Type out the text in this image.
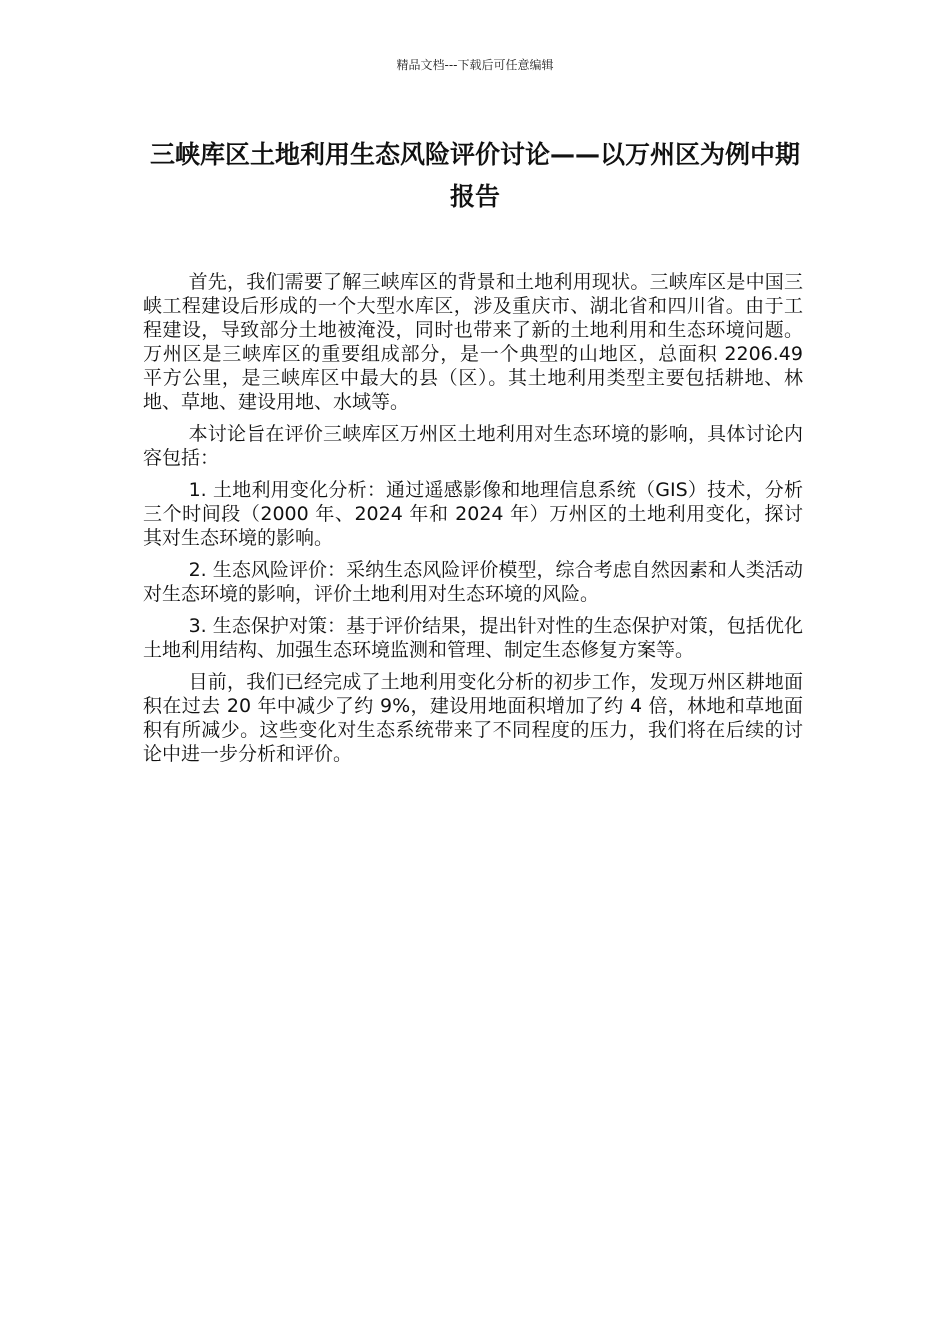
精品文档---下载后可任意编辑
三峡库区土地利用生态风险评价讨论——以万州区为例中期报告

首先，我们需要了解三峡库区的背景和土地利用现状。三峡库区是中国三峡工程建设后形成的一个大型水库区，涉及重庆市、湖北省和四川省。由于工程建设，导致部分土地被淹没，同时也带来了新的土地利用和生态环境问题。万州区是三峡库区的重要组成部分，是一个典型的山地区，总面积 2206.49 平方公里，是三峡库区中最大的县（区）。其土地利用类型主要包括耕地、林地、草地、建设用地、水域等。

本讨论旨在评价三峡库区万州区土地利用对生态环境的影响，具体讨论内容包括：

1. 土地利用变化分析：通过遥感影像和地理信息系统（GIS）技术，分析三个时间段（2000 年、2024 年和 2024 年）万州区的土地利用变化，探讨其对生态环境的影响。

2. 生态风险评价：采纳生态风险评价模型，综合考虑自然因素和人类活动对生态环境的影响，评价土地利用对生态环境的风险。

3. 生态保护对策：基于评价结果，提出针对性的生态保护对策，包括优化土地利用结构、加强生态环境监测和管理、制定生态修复方案等。

目前，我们已经完成了土地利用变化分析的初步工作，发现万州区耕地面积在过去 20 年中减少了约 9%，建设用地面积增加了约 4 倍，林地和草地面积有所减少。这些变化对生态系统带来了不同程度的压力，我们将在后续的讨论中进一步分析和评价。
